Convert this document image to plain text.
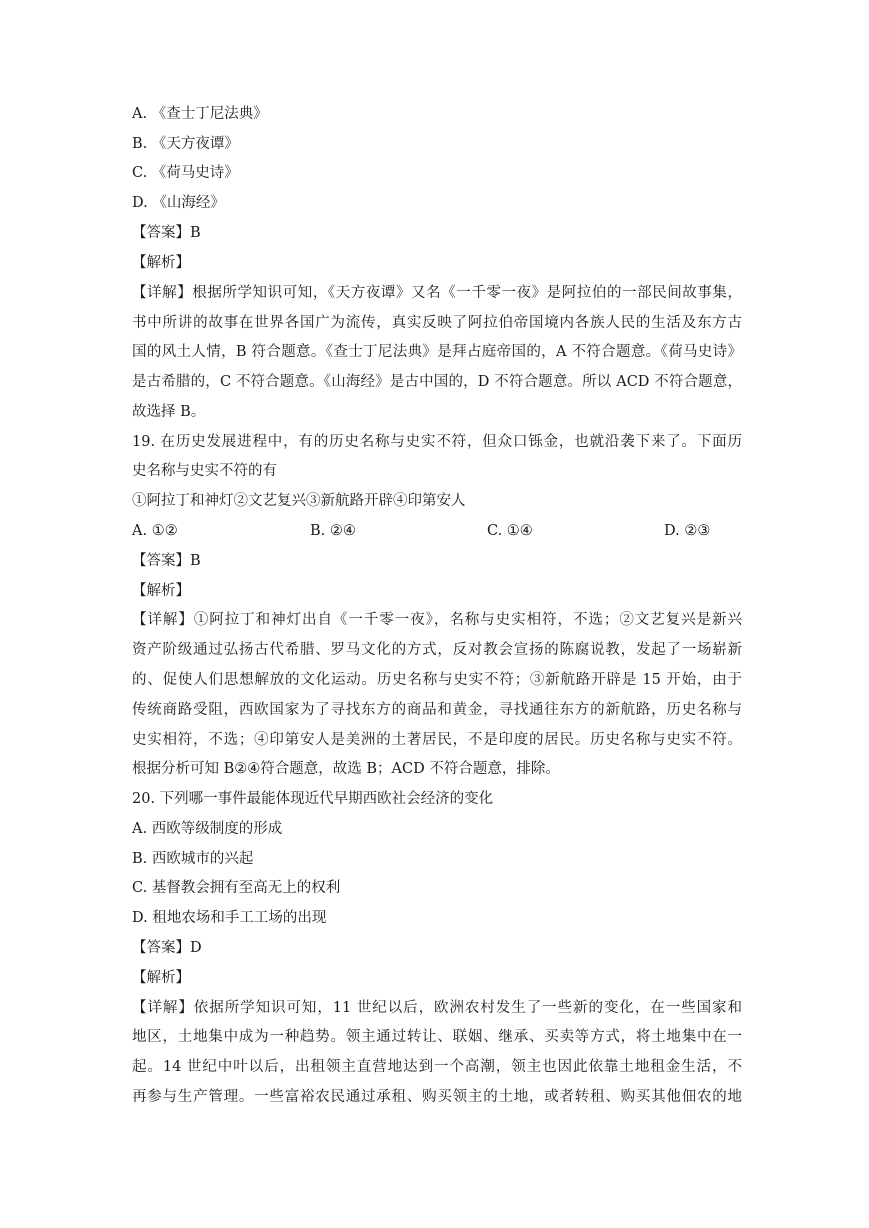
A. 《查士丁尼法典》
B. 《天方夜谭》
C. 《荷马史诗》
D. 《山海经》
【答案】B
【解析】
【详解】根据所学知识可知，《天方夜谭》又名《一千零一夜》是阿拉伯的一部民间故事集，
书中所讲的故事在世界各国广为流传，真实反映了阿拉伯帝国境内各族人民的生活及东方古
国的风土人情，B 符合题意。《查士丁尼法典》是拜占庭帝国的，A 不符合题意。《荷马史诗》
是古希腊的，C 不符合题意。《山海经》是古中国的，D 不符合题意。所以 ACD 不符合题意，
故选择 B。
19. 在历史发展进程中，有的历史名称与史实不符，但众口铄金，也就沿袭下来了。下面历
史名称与史实不符的有
①阿拉丁和神灯②文艺复兴③新航路开辟④印第安人
A. ①②	B. ②④	C. ①④	D. ②③
【答案】B
【解析】
【详解】①阿拉丁和神灯出自《一千零一夜》，名称与史实相符，不选；②文艺复兴是新兴
资产阶级通过弘扬古代希腊、罗马文化的方式，反对教会宣扬的陈腐说教，发起了一场崭新
的、促使人们思想解放的文化运动。历史名称与史实不符；③新航路开辟是 15 开始，由于
传统商路受阻，西欧国家为了寻找东方的商品和黄金，寻找通往东方的新航路，历史名称与
史实相符，不选；④印第安人是美洲的土著居民，不是印度的居民。历史名称与史实不符。
根据分析可知 B②④符合题意，故选 B；ACD 不符合题意，排除。
20. 下列哪一事件最能体现近代早期西欧社会经济的变化
A. 西欧等级制度的形成
B. 西欧城市的兴起
C. 基督教会拥有至高无上的权利
D. 租地农场和手工工场的出现
【答案】D
【解析】
【详解】依据所学知识可知，11 世纪以后，欧洲农村发生了一些新的变化，在一些国家和
地区，土地集中成为一种趋势。领主通过转让、联姻、继承、买卖等方式，将土地集中在一
起。14 世纪中叶以后，出租领主直营地达到一个高潮，领主也因此依靠土地租金生活，不
再参与生产管理。一些富裕农民通过承租、购买领主的土地，或者转租、购买其他佃农的地
